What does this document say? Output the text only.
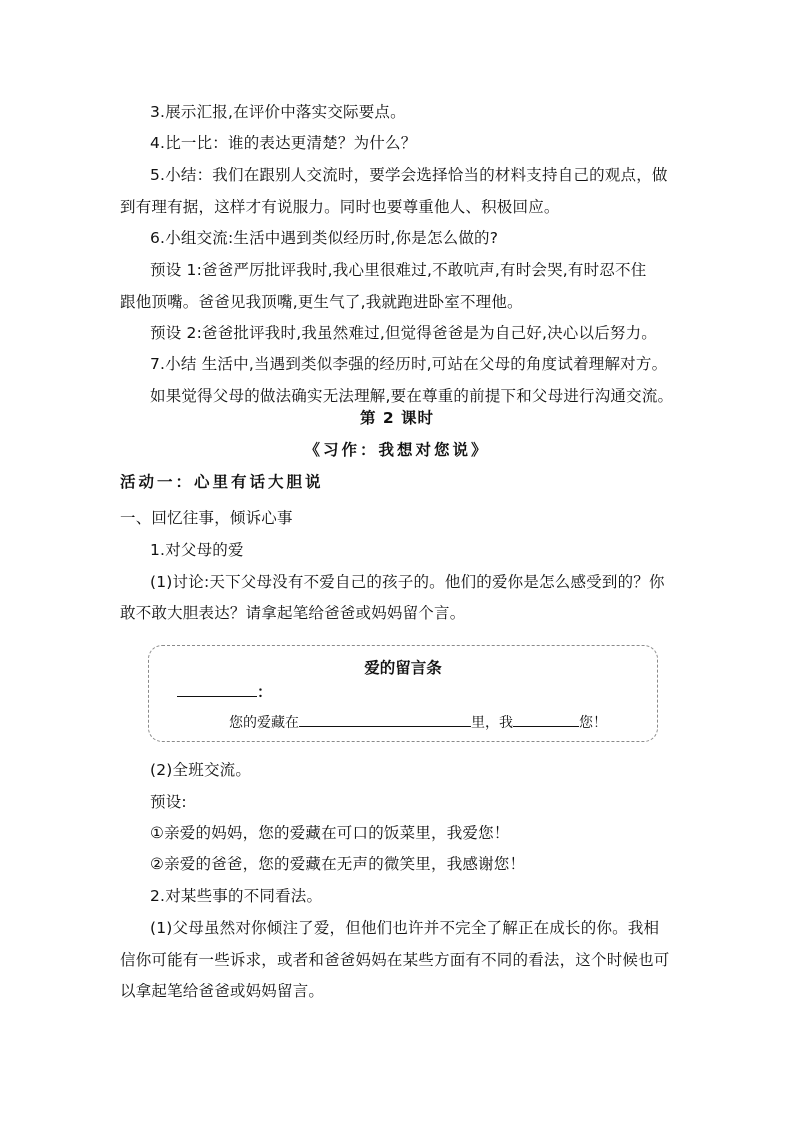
3.展示汇报,在评价中落实交际要点。
4.比一比：谁的表达更清楚？为什么？
5.小结：我们在跟别人交流时，要学会选择恰当的材料支持自己的观点，做
到有理有据，这样才有说服力。同时也要尊重他人、积极回应。
6.小组交流:生活中遇到类似经历时,你是怎么做的?
预设 1:爸爸严厉批评我时,我心里很难过,不敢吭声,有时会哭,有时忍不住
跟他顶嘴。爸爸见我顶嘴,更生气了,我就跑进卧室不理他。
预设 2:爸爸批评我时,我虽然难过,但觉得爸爸是为自己好,决心以后努力。
7.小结 生活中,当遇到类似李强的经历时,可站在父母的角度试着理解对方。
如果觉得父母的做法确实无法理解,要在尊重的前提下和父母进行沟通交流。
第 2 课时
《习作：我想对您说》
活动一：心里有话大胆说
一、回忆往事，倾诉心事
1.对父母的爱
(1)讨论:天下父母没有不爱自己的孩子的。他们的爱你是怎么感受到的？你
敢不敢大胆表达？请拿起笔给爸爸或妈妈留个言。
爱的留言条
：
您的爱藏在	里，我	您！
(2)全班交流。
预设:
①亲爱的妈妈，您的爱藏在可口的饭菜里，我爱您！
②亲爱的爸爸，您的爱藏在无声的微笑里，我感谢您！
2.对某些事的不同看法。
(1)父母虽然对你倾注了爱，但他们也许并不完全了解正在成长的你。我相
信你可能有一些诉求，或者和爸爸妈妈在某些方面有不同的看法，这个时候也可
以拿起笔给爸爸或妈妈留言。
